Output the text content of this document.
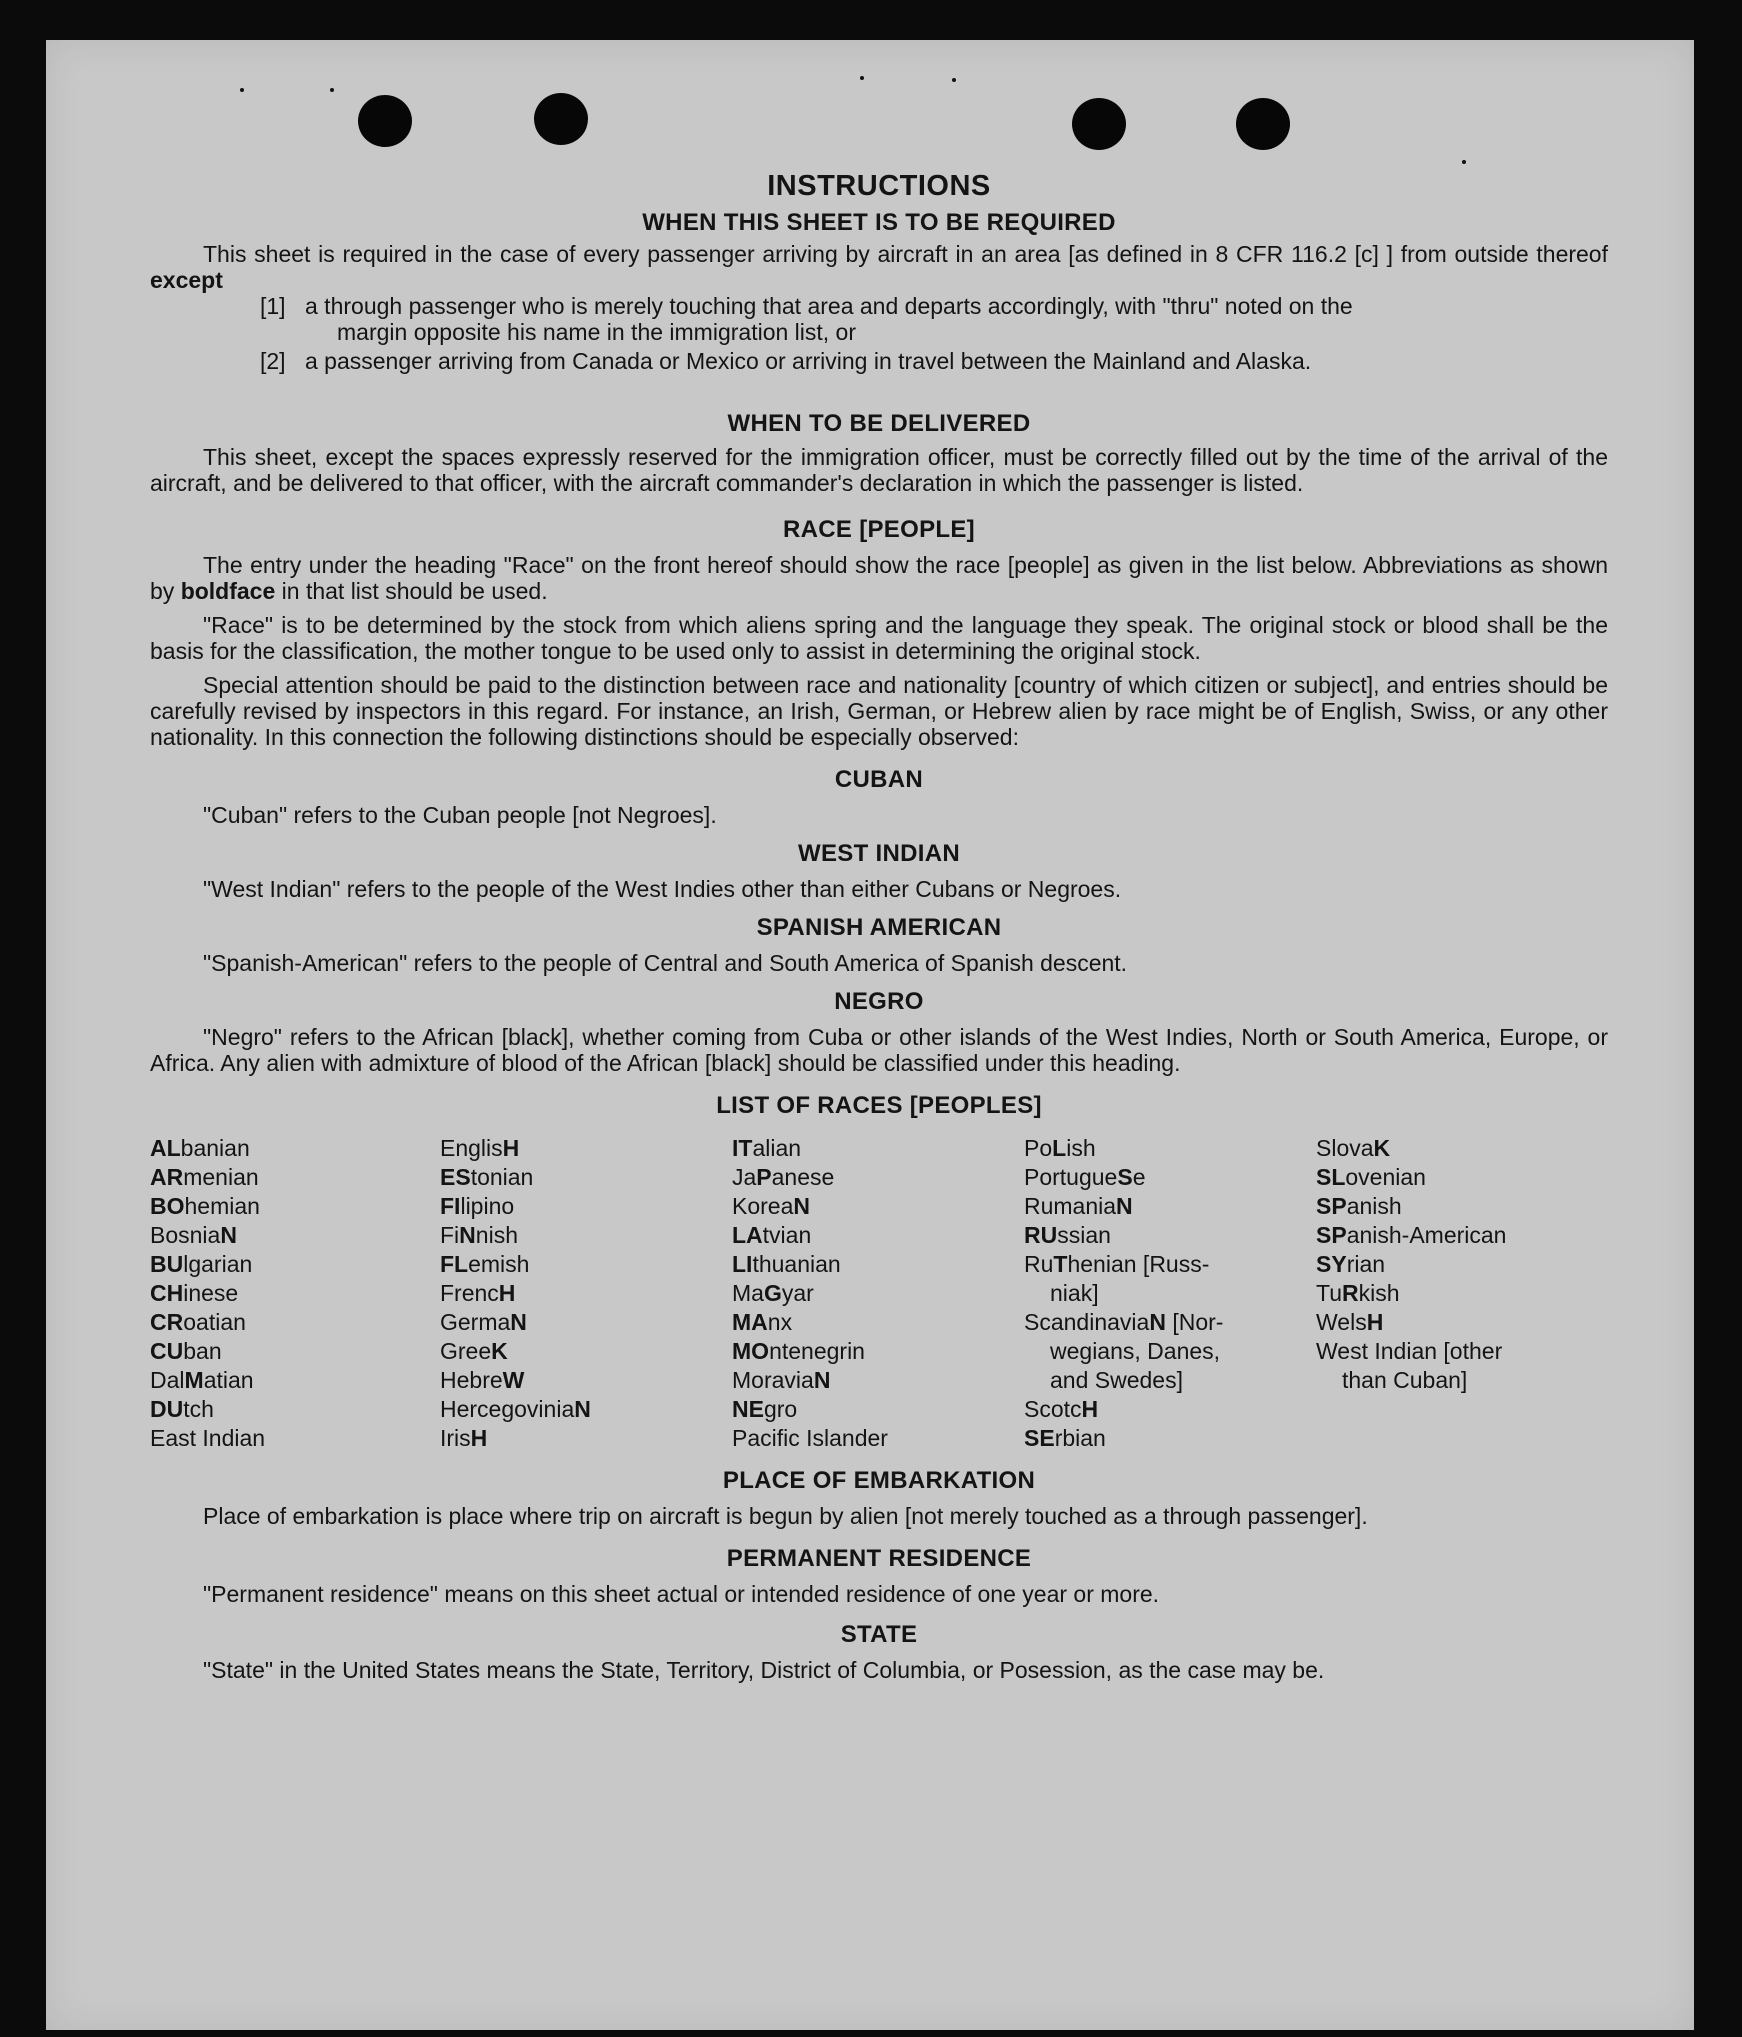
INSTRUCTIONS
WHEN THIS SHEET IS TO BE REQUIRED

This sheet is required in the case of every passenger arriving by aircraft in an area [as defined in 8 CFR 116.2 [c] ] from outside thereof except

[1] a through passenger who is merely touching that area and departs accordingly, with "thru" noted on the
margin opposite his name in the immigration list, or
[2] a passenger arriving from Canada or Mexico or arriving in travel between the Mainland and Alaska.
WHEN TO BE DELIVERED

This sheet, except the spaces expressly reserved for the immigration officer, must be correctly filled out by the time of the arrival of the aircraft, and be delivered to that officer, with the aircraft commander's declaration in which the passenger is listed.

RACE [PEOPLE]

The entry under the heading "Race" on the front hereof should show the race [people] as given in the list below. Abbreviations as shown by boldface in that list should be used.

"Race" is to be determined by the stock from which aliens spring and the language they speak. The original stock or blood shall be the basis for the classification, the mother tongue to be used only to assist in determining the original stock.

Special attention should be paid to the distinction between race and nationality [country of which citizen or subject], and entries should be carefully revised by inspectors in this regard. For instance, an Irish, German, or Hebrew alien by race might be of English, Swiss, or any other nationality. In this connection the following distinctions should be especially observed:

CUBAN

"Cuban" refers to the Cuban people [not Negroes].

WEST INDIAN

"West Indian" refers to the people of the West Indies other than either Cubans or Negroes.

SPANISH AMERICAN

"Spanish-American" refers to the people of Central and South America of Spanish descent.

NEGRO

"Negro" refers to the African [black], whether coming from Cuba or other islands of the West Indies, North or South America, Europe, or Africa. Any alien with admixture of blood of the African [black] should be classified under this heading.

LIST OF RACES [PEOPLES]
ALbanian
ARmenian
BOhemian
BosniaN
BUlgarian
CHinese
CRoatian
CUban
DalMatian
DUtch
East Indian
EnglisH
EStonian
FIlipino
FiNnish
FLemish
FrencH
GermaN
GreeK
HebreW
HercegoviniaN
IrisH
ITalian
JaPanese
KoreaN
LAtvian
LIthuanian
MaGyar
MAnx
MOntenegrin
MoraviaN
NEgro
Pacific Islander
PoLish
PortugueSe
RumaniaN
RUssian
RuThenian [Russ-
niak]
ScandinaviaN [Nor-
wegians, Danes,
and Swedes]
ScotcH
SErbian
SlovaK
SLovenian
SPanish
SPanish-American
SYrian
TuRkish
WelsH
West Indian [other
than Cuban]
PLACE OF EMBARKATION

Place of embarkation is place where trip on aircraft is begun by alien [not merely touched as a through passenger].

PERMANENT RESIDENCE

"Permanent residence" means on this sheet actual or intended residence of one year or more.

STATE

"State" in the United States means the State, Territory, District of Columbia, or Posession, as the case may be.
